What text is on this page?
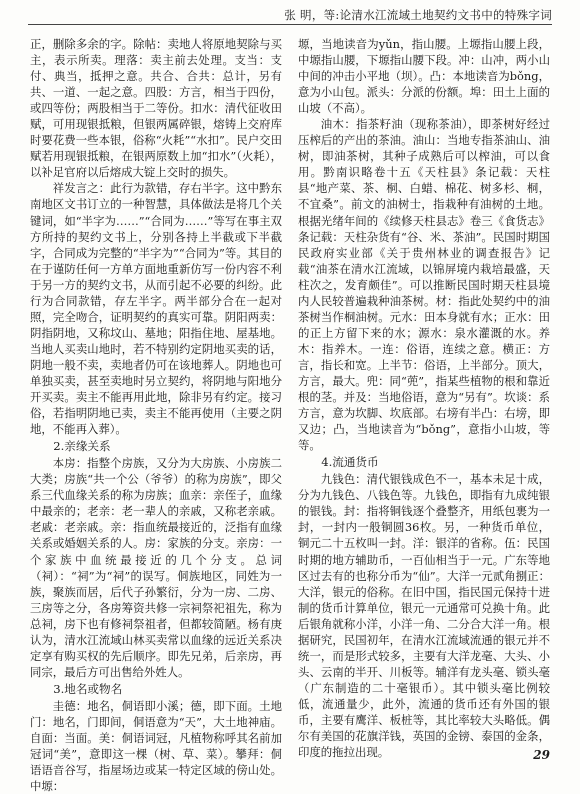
张 明，等:论清水江流域土地契约文书中的特殊字词

正，删除多余的字。除帖：卖地人将原地契除与买主，表示所卖。理落：卖主前去处理。支当：支付、典当，抵押之意。共合、合共：总计，另有共、一道、一起之意。四股：方言，相当于四份，或四等份；两股相当于二等份。扣水：清代征收田赋，可用现银抵粮，但银两属碎银，熔铸上交府库时要花费一些本银，俗称“火耗”“水扣”。民户交田赋若用现银抵粮，在银两原数上加“扣水”（火耗），以补足官府以后熔成大锭上交时的损失。

祥发言之：此行为款错，存右半字。这中黔东南地区文书订立的一种智慧，具体做法是将几个关键词，如“半字为……”“合同为……”等写在事主双方所持的契约文书上，分别各持上半截或下半截字，合同成为完整的“半字为”“合同为”等。其目的在于谨防任何一方单方面地重新仿写一份内容不利于另一方的契约文书，从而引起不必要的纠纷。此行为合同款错，存左半字。两半部分合在一起对照，完全吻合，证明契约的真实可靠。阴阳两卖：阴指阴地，又称坟山、墓地；阳指住地、屋基地。当地人买卖山地时，若不特别约定阴地买卖的话，阴地一般不卖，卖地者仍可在该地葬人。阴地也可单独买卖，甚至卖地时另立契约，将阴地与阳地分开买卖。卖主不能再用此地，除非另有约定。接习俗，若指明阴地已卖，卖主不能再使用（主要之阴地，不能再入葬）。

2.亲缘关系

本房：指整个房族，又分为大房族、小房族二大类；房族“共一个公（爷爷）的称为房族”，即父系三代血缘关系的称为房族；血亲：亲侄子，血缘中最亲的；老亲：老一辈人的亲戚，又称老亲戚。老戚：老亲戚。亲：指血统最接近的，泛指有血缘关系或婚姻关系的人。房：家族的分支。亲房：一个家族中血统最接近的几个分支。总词（祠）：“祠”为“祠”的误写。侗族地区，同姓为一族，聚族而居，后代子孙繁衍，分为一房、二房、三房等之分，各房筹资共修一宗祠祭祀祖先，称为总祠，房下也有修祠祭祖者，但都较简陋。杨有庚认为，清水江流域山林买卖常以血缘的远近关系决定享有购买权的先后顺序。即先兄弟，后亲房，再同宗，最后方可出售给外姓人。

3.地名或物名

圭德：地名，侗语即小溪；德，即下面。土地门：地名，门即间，侗语意为“天”，大土地神庙。自面：当面。美：侗语词冠，凡植物称呼其名前加冠词“美”，意即这一棵（树、草、菜）。攀拜：侗语语音谷写，指屋场边或某一特定区域的傍山处。中塬：

塬，当地读音为yǔn，指山腰。上塬指山腰上段，中塬指山腰，下塬指山腰下段。冲：山冲，两小山中间的冲击小平地（坝）。凸：本地读音为bǒng，意为小山包。派头：分派的份额。埠：田土上面的山坡（不高）。

油木：指茶籽油（现称茶油），即茶树好经过压榨后的产出的茶油。油山：当地专指茶油山、油树，即油茶树，其种子成熟后可以榨油，可以食用。黔南识略卷十五《天柱县》条记载：天柱县“地产菜、茶、桐、白蜡、棉花、树多杉、桐，不宜桑”。前文的油树士，指栽种有油树的土地。根据光绪年间的《续修天柱县志》卷三《食货志》条记载：天柱杂货有“谷、米、茶油”。民国时期国民政府实业部《关于贵州林业的调查报告》记载“油茶在清水江流域，以锦屏境内栽培最盛，天柱次之，发育颇佳”。可以推断民国时期天柱县境内人民较普遍栽种油茶树。材：指此处契约中的油茶树当作桐油树。元水：田本身就有水；正水：田的正上方留下来的水；源水：泉水灌溉的水。养木：指养木。一连：俗语，连续之意。横正：方言，指长和宽。上半节：俗语，上半部分。顶大，方言，最大。兜：同“蔸”，指某些植物的根和靠近根的茎。并及：当地俗语，意为“另有”。坎谈：系方言，意为坎脚、坎底部。右塝有半凸：右塝，即又边；凸，当地读音为“bǒng”，意指小山坡，等等。

4.流通货币

九钱色：清代银钱成色不一，基本未足十成，分为九钱色、八钱色等。九钱色，即指有九成纯银的银钱。封：指将铜钱逐个叠整齐，用纸包裹为一封，一封内一般铜圆36枚。另，一种货币单位，铜元二十五枚叫一封。洋：银洋的省称。伍：民国时期的地方辅助币，一百仙相当于一元。广东等地区过去有的也称分币为“仙”。大洋一元贰角捌正：大洋，银元的俗称。在旧中国，指民国元保持十进制的货币计算单位，银元一元通常可兑换十角。此后银角就称小洋，小洋一角、二分合大洋一角。根据研究，民国初年，在清水江流域流通的银元并不统一，而是形式较多，主要有大洋龙毫、大头、小头、云南的半开、川板等。辅洋有龙头毫、锁头毫（广东制造的二十毫银币）。其中锁头毫比例较低，流通量少，此外，流通的货币还有外国的银币，主要有鹰洋、板桩等，其比率较大头略低。偶尔有美国的花旗洋钱，英国的金镑、泰国的金条，印度的拖拉出现。	29
